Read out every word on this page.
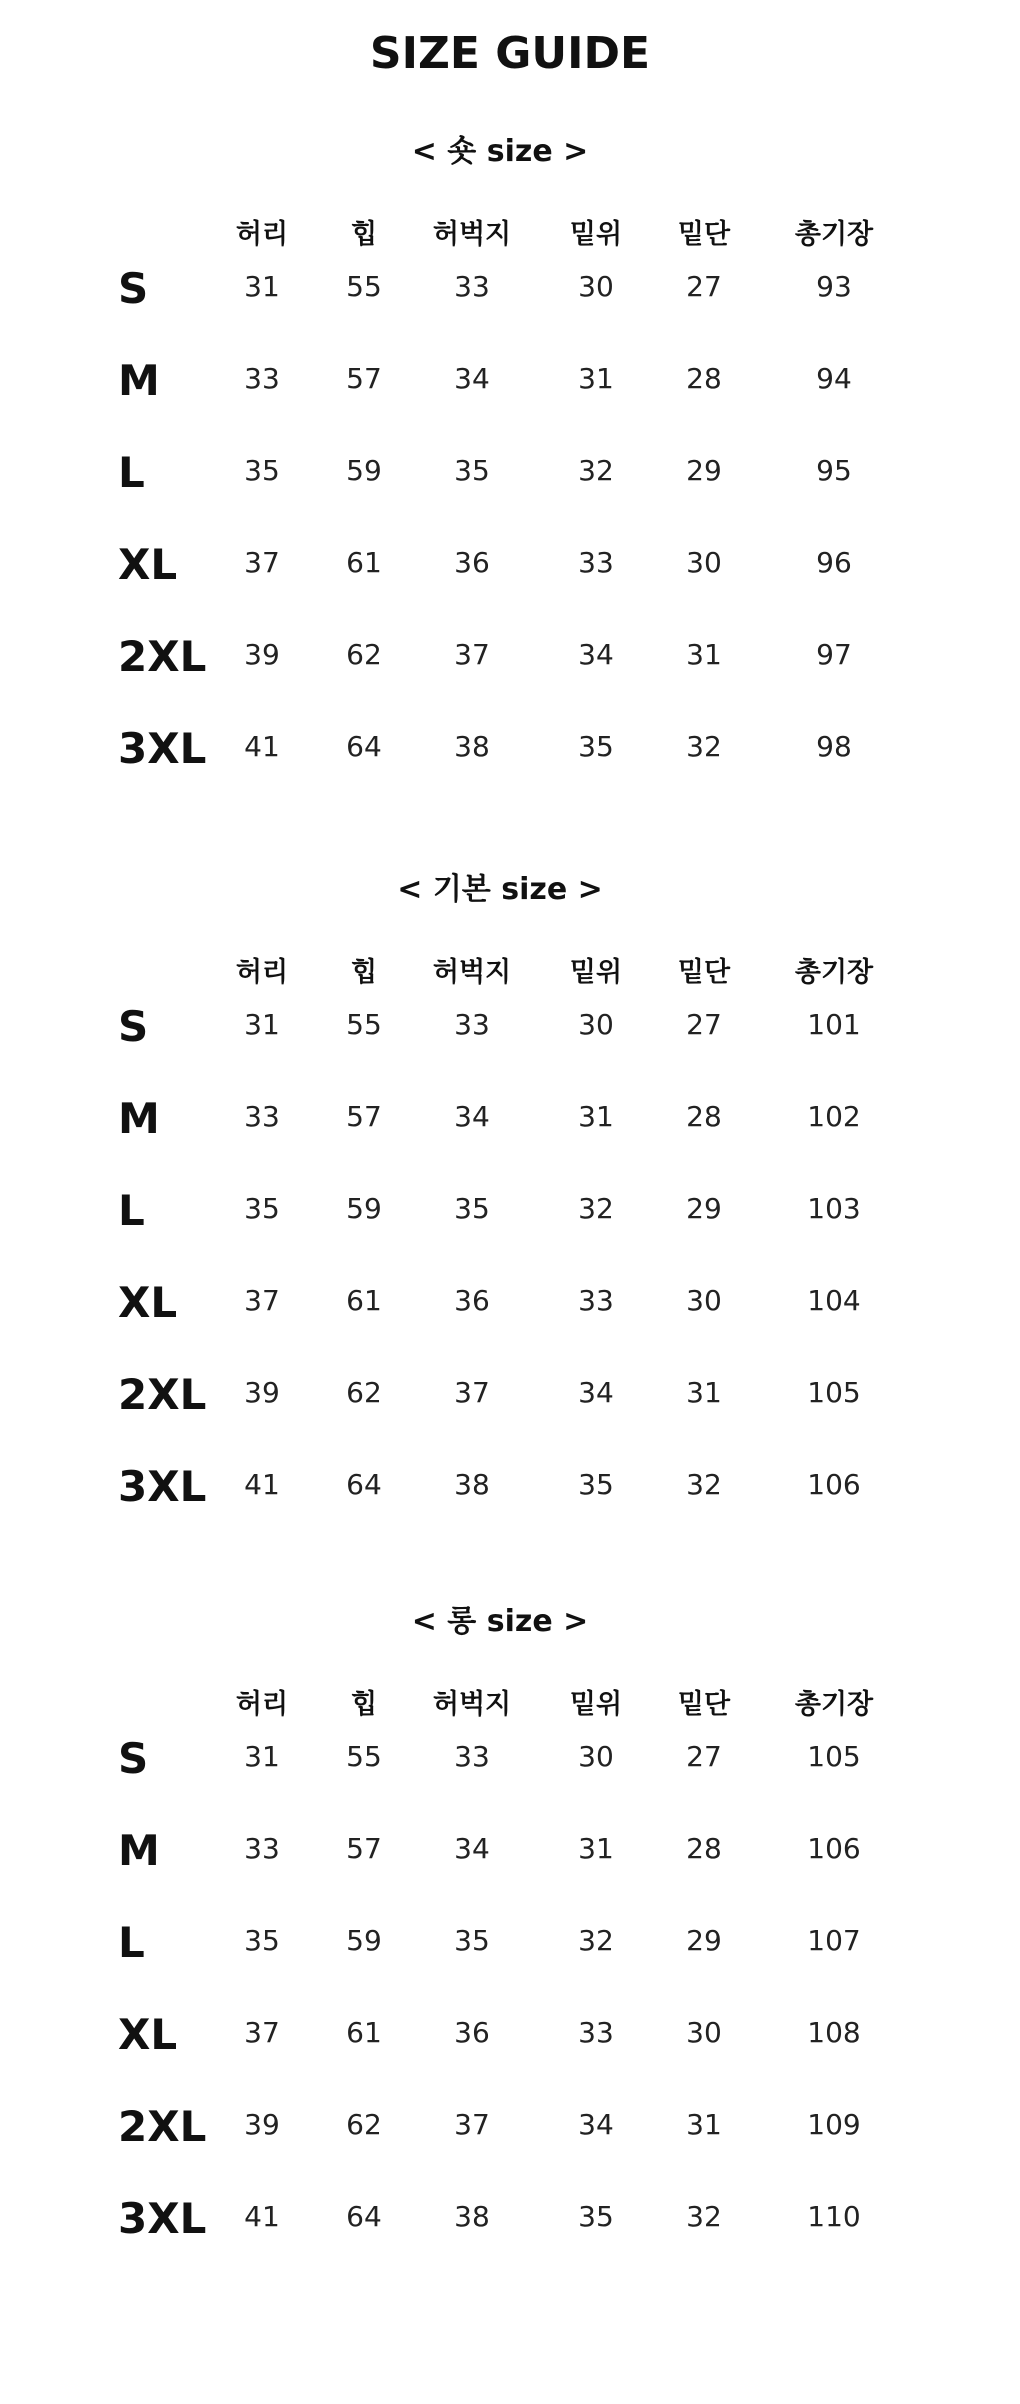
SIZE GUIDE
< 숏 size >
허리	힙	허벅지	밑위	밑단	총기장
S	31	55	33	30	27	93
M	33	57	34	31	28	94
L	35	59	35	32	29	95
XL	37	61	36	33	30	96
2XL	39	62	37	34	31	97
3XL	41	64	38	35	32	98
< 기본 size >
허리	힙	허벅지	밑위	밑단	총기장
S	31	55	33	30	27	101
M	33	57	34	31	28	102
L	35	59	35	32	29	103
XL	37	61	36	33	30	104
2XL	39	62	37	34	31	105
3XL	41	64	38	35	32	106
< 롱 size >
허리	힙	허벅지	밑위	밑단	총기장
S	31	55	33	30	27	105
M	33	57	34	31	28	106
L	35	59	35	32	29	107
XL	37	61	36	33	30	108
2XL	39	62	37	34	31	109
3XL	41	64	38	35	32	110
